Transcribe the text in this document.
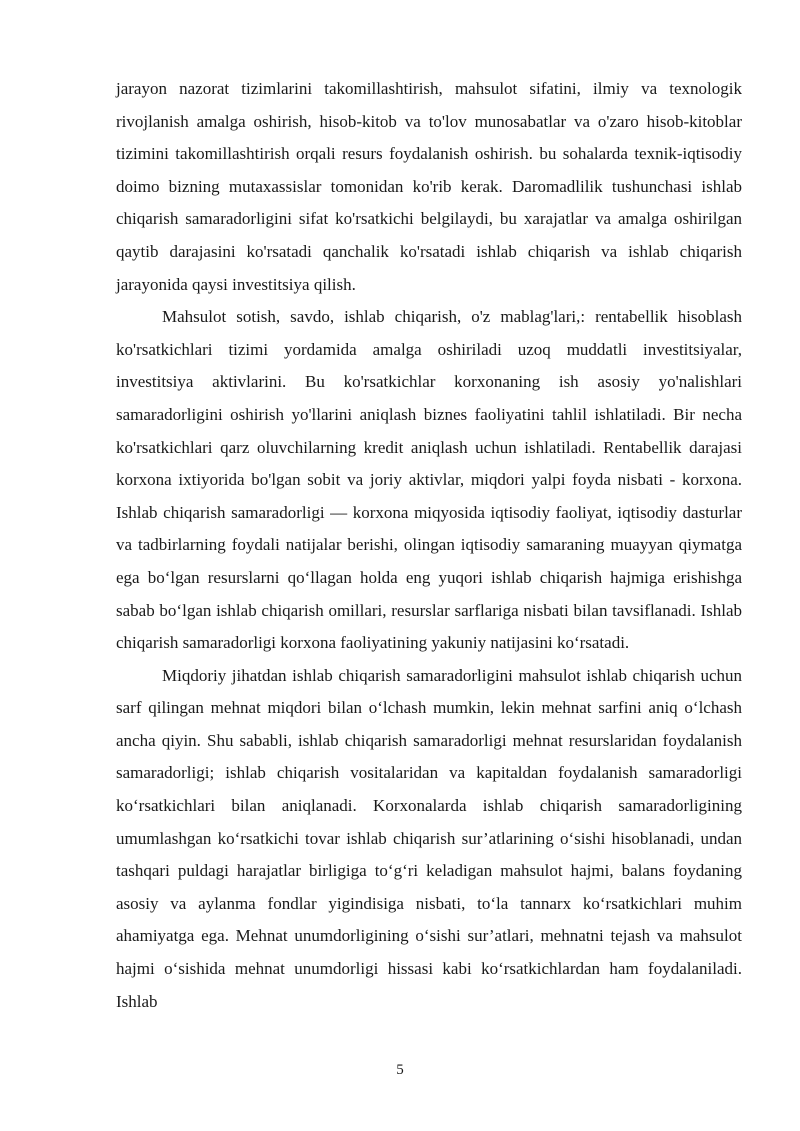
jarayon nazorat tizimlarini takomillashtirish, mahsulot sifatini, ilmiy va texnologik rivojlanish amalga oshirish, hisob-kitob va to'lov munosabatlar va o'zaro hisob-kitoblar tizimini takomillashtirish orqali resurs foydalanish oshirish. bu sohalarda texnik-iqtisodiy doimo bizning mutaxassislar tomonidan ko'rib kerak. Daromadlilik tushunchasi ishlab chiqarish samaradorligini sifat ko'rsatkichi belgilaydi, bu xarajatlar va amalga oshirilgan qaytib darajasini ko'rsatadi qanchalik ko'rsatadi ishlab chiqarish va ishlab chiqarish jarayonida qaysi investitsiya qilish.

Mahsulot sotish, savdo, ishlab chiqarish, o'z mablag'lari,: rentabellik hisoblash ko'rsatkichlari tizimi yordamida amalga oshiriladi uzoq muddatli investitsiyalar, investitsiya aktivlarini. Bu ko'rsatkichlar korxonaning ish asosiy yo'nalishlari samaradorligini oshirish yo'llarini aniqlash biznes faoliyatini tahlil ishlatiladi. Bir necha ko'rsatkichlari qarz oluvchilarning kredit aniqlash uchun ishlatiladi. Rentabellik darajasi korxona ixtiyorida bo'lgan sobit va joriy aktivlar, miqdori yalpi foyda nisbati - korxona. Ishlab chiqarish samaradorligi — korxona miqyosida iqtisodiy faoliyat, iqtisodiy dasturlar va tadbirlarning foydali natijalar berishi, olingan iqtisodiy samaraning muayyan qiymatga ega boʻlgan resurslarni qoʻllagan holda eng yuqori ishlab chiqarish hajmiga erishishga sabab boʻlgan ishlab chiqarish omillari, resurslar sarflariga nisbati bilan tavsiflanadi. Ishlab chiqarish samaradorligi korxona faoliyatining yakuniy natijasini koʻrsatadi.

Miqdoriy jihatdan ishlab chiqarish samaradorligini mahsulot ishlab chiqarish uchun sarf qilingan mehnat miqdori bilan oʻlchash mumkin, lekin mehnat sarfini aniq oʻlchash ancha qiyin. Shu sababli, ishlab chiqarish samaradorligi mehnat resurslaridan foydalanish samaradorligi; ishlab chiqarish vositalaridan va kapitaldan foydalanish samaradorligi koʻrsatkichlari bilan aniqlanadi. Korxonalarda ishlab chiqarish samaradorligining umumlashgan koʻrsatkichi tovar ishlab chiqarish sur’atlarining oʻsishi hisoblanadi, undan tashqari puldagi harajatlar birligiga toʻgʻri keladigan mahsulot hajmi, balans foydaning asosiy va aylanma fondlar yigindisiga nisbati, toʻla tannarx koʻrsatkichlari muhim ahamiyatga ega. Mehnat unumdorligining oʻsishi sur’atlari, mehnatni tejash va mahsulot hajmi oʻsishida mehnat unumdorligi hissasi kabi koʻrsatkichlardan ham foydalaniladi. Ishlab

5
